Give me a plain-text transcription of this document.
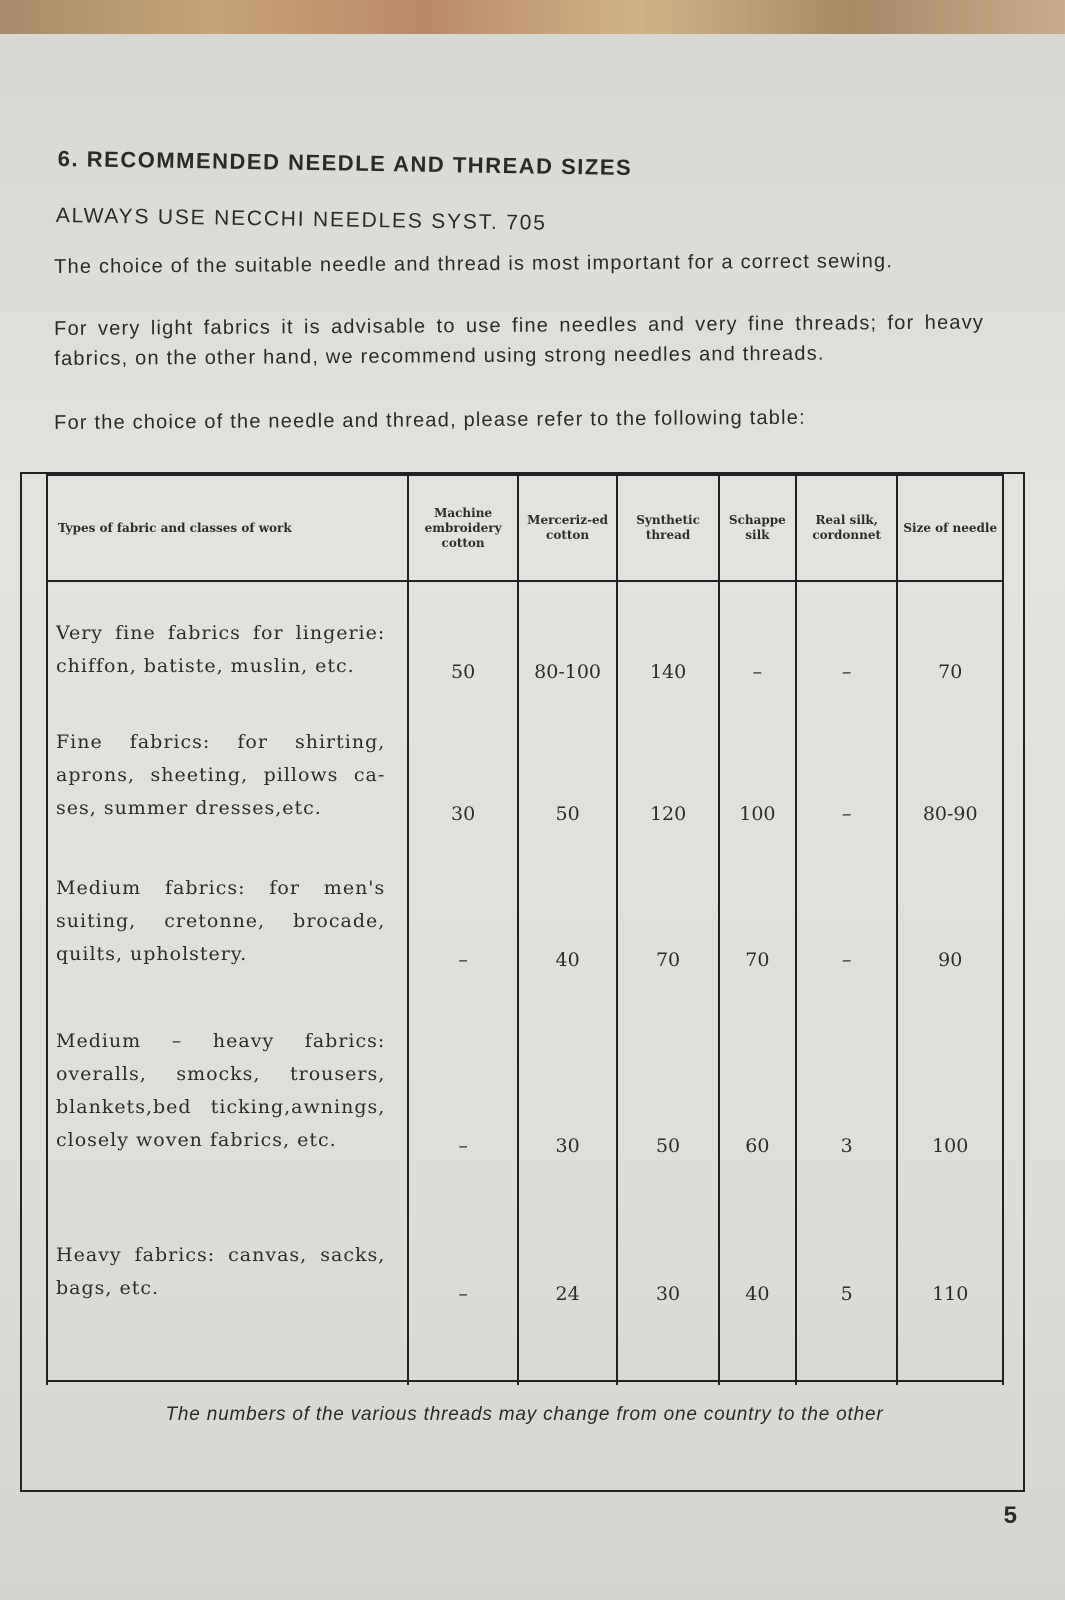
6. RECOMMENDED NEEDLE AND THREAD SIZES
ALWAYS USE NECCHI NEEDLES SYST. 705

The choice of the suitable needle and thread is most important for a correct sewing.

For very light fabrics it is advisable to use fine needles and very fine threads; for heavy fabrics, on the other hand, we recommend using strong needles and threads.

For the choice of the needle and thread, please refer to the following table:

Types of fabric and classes of work	Machine embroidery cotton	Merceriz-ed cotton	Synthetic thread	Schappe silk	Real silk, cordonnet	Size of needle
Very fine fabrics for lingerie: chiffon, batiste, muslin, etc.	50	80-100	140	–	–	70
Fine fabrics: for shirting, aprons, sheeting, pillows ca-ses, summer dresses,etc.	30	50	120	100	–	80-90
Medium fabrics: for men's suiting, cretonne, brocade, quilts, upholstery.	–	40	70	70	–	90
Medium – heavy fabrics: overalls, smocks, trousers, blankets,bed ticking,awnings, closely woven fabrics, etc.	–	30	50	60	3	100
Heavy fabrics: canvas, sacks, bags, etc.	–	24	30	40	5	110
The numbers of the various threads may change from one country to the other
5
